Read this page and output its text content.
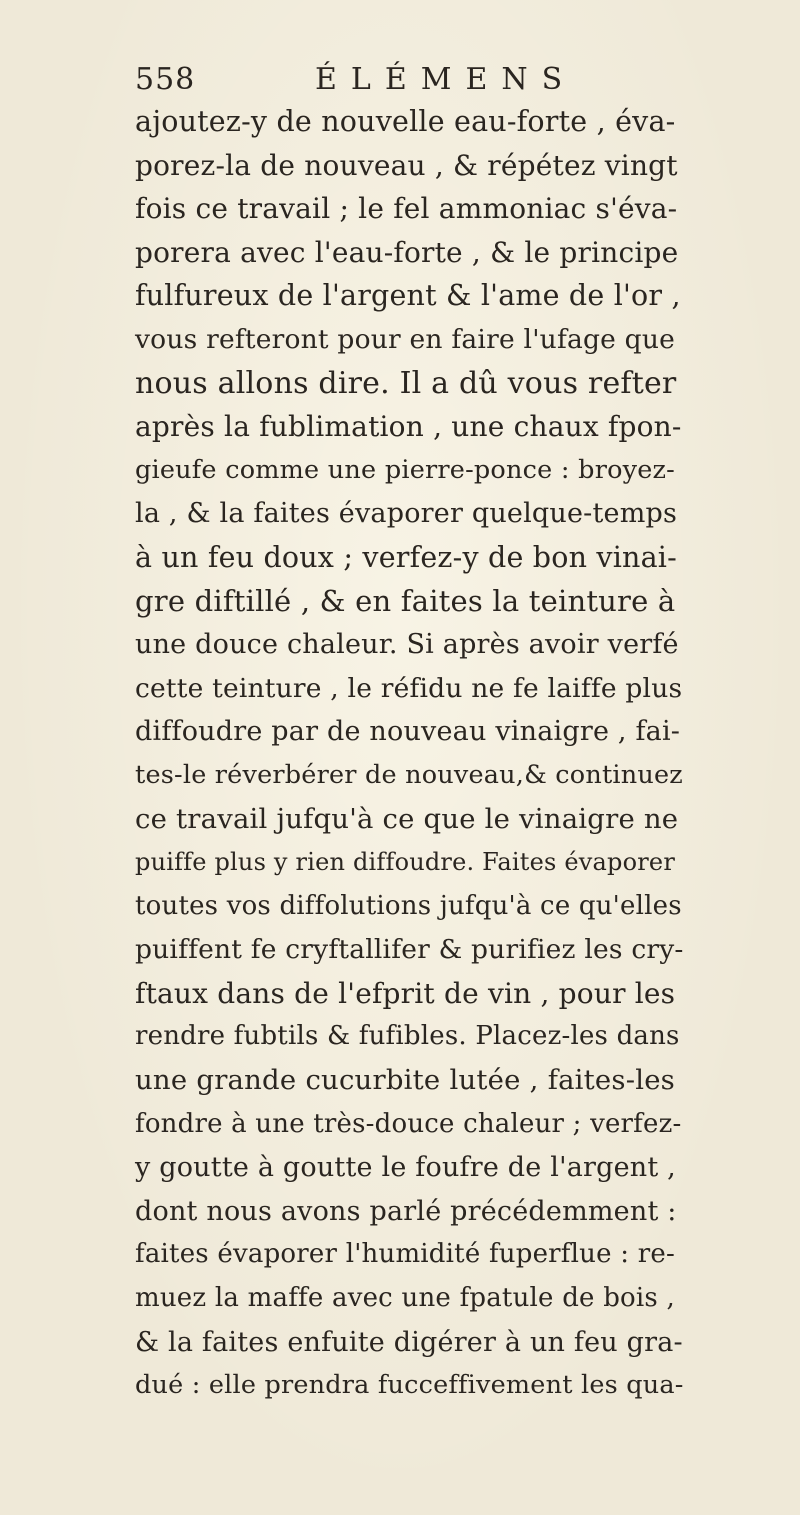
558	ÉLÉMENS
ajoutez-y de nouvelle eau-forte , éva-
porez-la de nouveau , & répétez vingt
fois ce travail ; le fel ammoniac s'éva-
porera avec l'eau-forte , & le principe
fulfureux de l'argent & l'ame de l'or ,
vous refteront pour en faire l'ufage que
nous allons dire. Il a dû vous refter
après la fublimation , une chaux fpon-
gieufe comme une pierre-ponce : broyez-
la , & la faites évaporer quelque-temps
à un feu doux ; verfez-y de bon vinai-
gre diftillé , & en faites la teinture à
une douce chaleur. Si après avoir verfé
cette teinture , le réfidu ne fe laiffe plus
diffoudre par de nouveau vinaigre , fai-
tes-le réverbérer de nouveau,& continuez
ce travail jufqu'à ce que le vinaigre ne
puiffe plus y rien diffoudre. Faites évaporer
toutes vos diffolutions jufqu'à ce qu'elles
puiffent fe cryftallifer & purifiez les cry-
ftaux dans de l'efprit de vin , pour les
rendre fubtils & fufibles. Placez-les dans
une grande cucurbite lutée , faites-les
fondre à une très-douce chaleur ; verfez-
y goutte à goutte le foufre de l'argent ,
dont nous avons parlé précédemment :
faites évaporer l'humidité fuperflue : re-
muez la maffe avec une fpatule de bois ,
& la faites enfuite digérer à un feu gra-
dué : elle prendra fucceffivement les qua-
